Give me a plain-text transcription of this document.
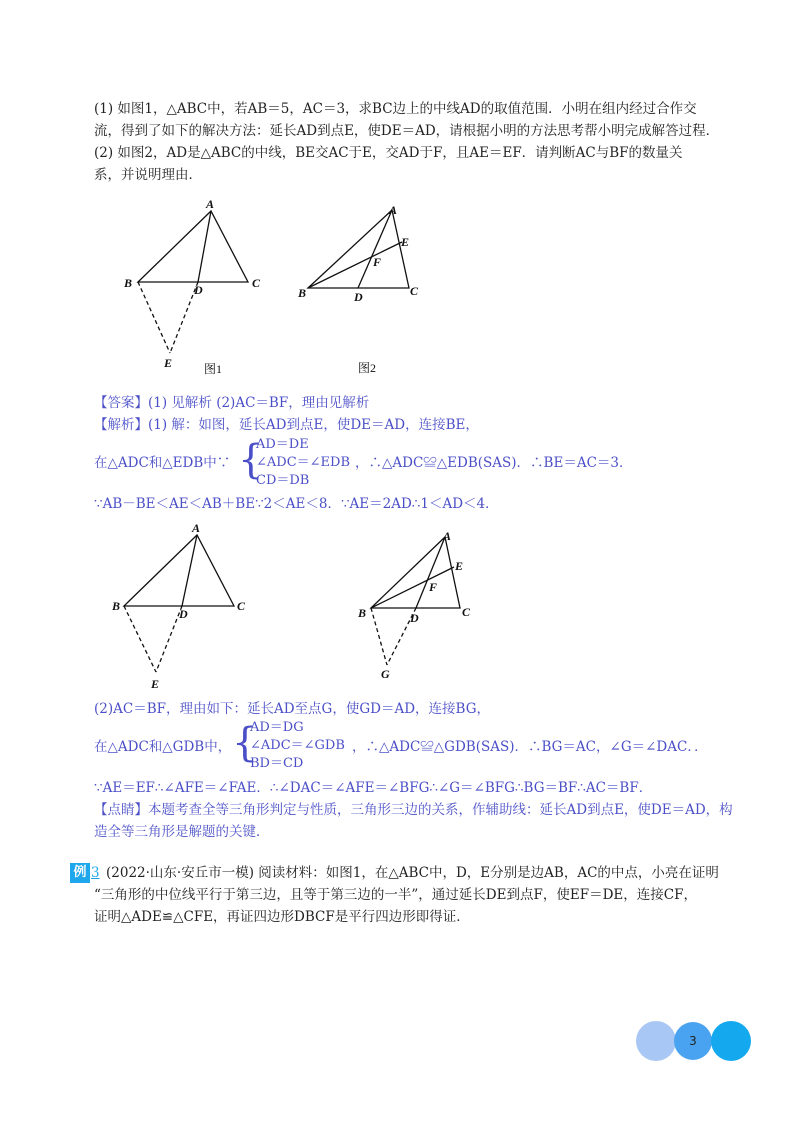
(1) 如图1，△ABC中，若AB＝5，AC＝3，求BC边上的中线AD的取值范围．小明在组内经过合作交
流，得到了如下的解决方法：延长AD到点E，使DE＝AD，请根据小明的方法思考帮小明完成解答过程．
(2) 如图2，AD是△ABC的中线，BE交AC于E，交AD于F，且AE＝EF．请判断AC与BF的数量关
系，并说明理由．
A
B	C
D
E	图1
A
E
F
B	C
D
图2
【答案】(1) 见解析 (2)AC＝BF，理由见解析
【解析】(1) 解：如图，延长AD到点E，使DE＝AD，连接BE，
在△ADC和△EDB中∵ {
AD＝DE
∠ADC＝∠EDB
CD＝DB
，∴△ADC≌△EDB(SAS)．∴BE＝AC＝3．
∵AB－BE＜AE＜AB＋BE∵2＜AE＜8．∵AE＝2AD∴1＜AD＜4．
A
B	C
D
E
A
E
F
B	C
D
G
(2)AC＝BF，理由如下：延长AD至点G，使GD＝AD，连接BG，
在△ADC和△GDB中， {
AD＝DG
∠ADC＝∠GDB
BD＝CD
，∴△ADC≌△GDB(SAS)．∴BG＝AC，∠G＝∠DAC．．
∵AE＝EF∴∠AFE＝∠FAE．∴∠DAC＝∠AFE＝∠BFG∴∠G＝∠BFG∴BG＝BF∴AC＝BF．
【点睛】本题考查全等三角形判定与性质，三角形三边的关系，作辅助线：延长AD到点E，使DE＝AD，构
造全等三角形是解题的关键．
例 3 (2022·山东·安丘市一模) 阅读材料：如图1，在△ABC中，D，E分别是边AB，AC的中点，小亮在证明
“三角形的中位线平行于第三边，且等于第三边的一半”，通过延长DE到点F，使EF＝DE，连接CF，
证明△ADE≌△CFE，再证四边形DBCF是平行四边形即得证．
3
